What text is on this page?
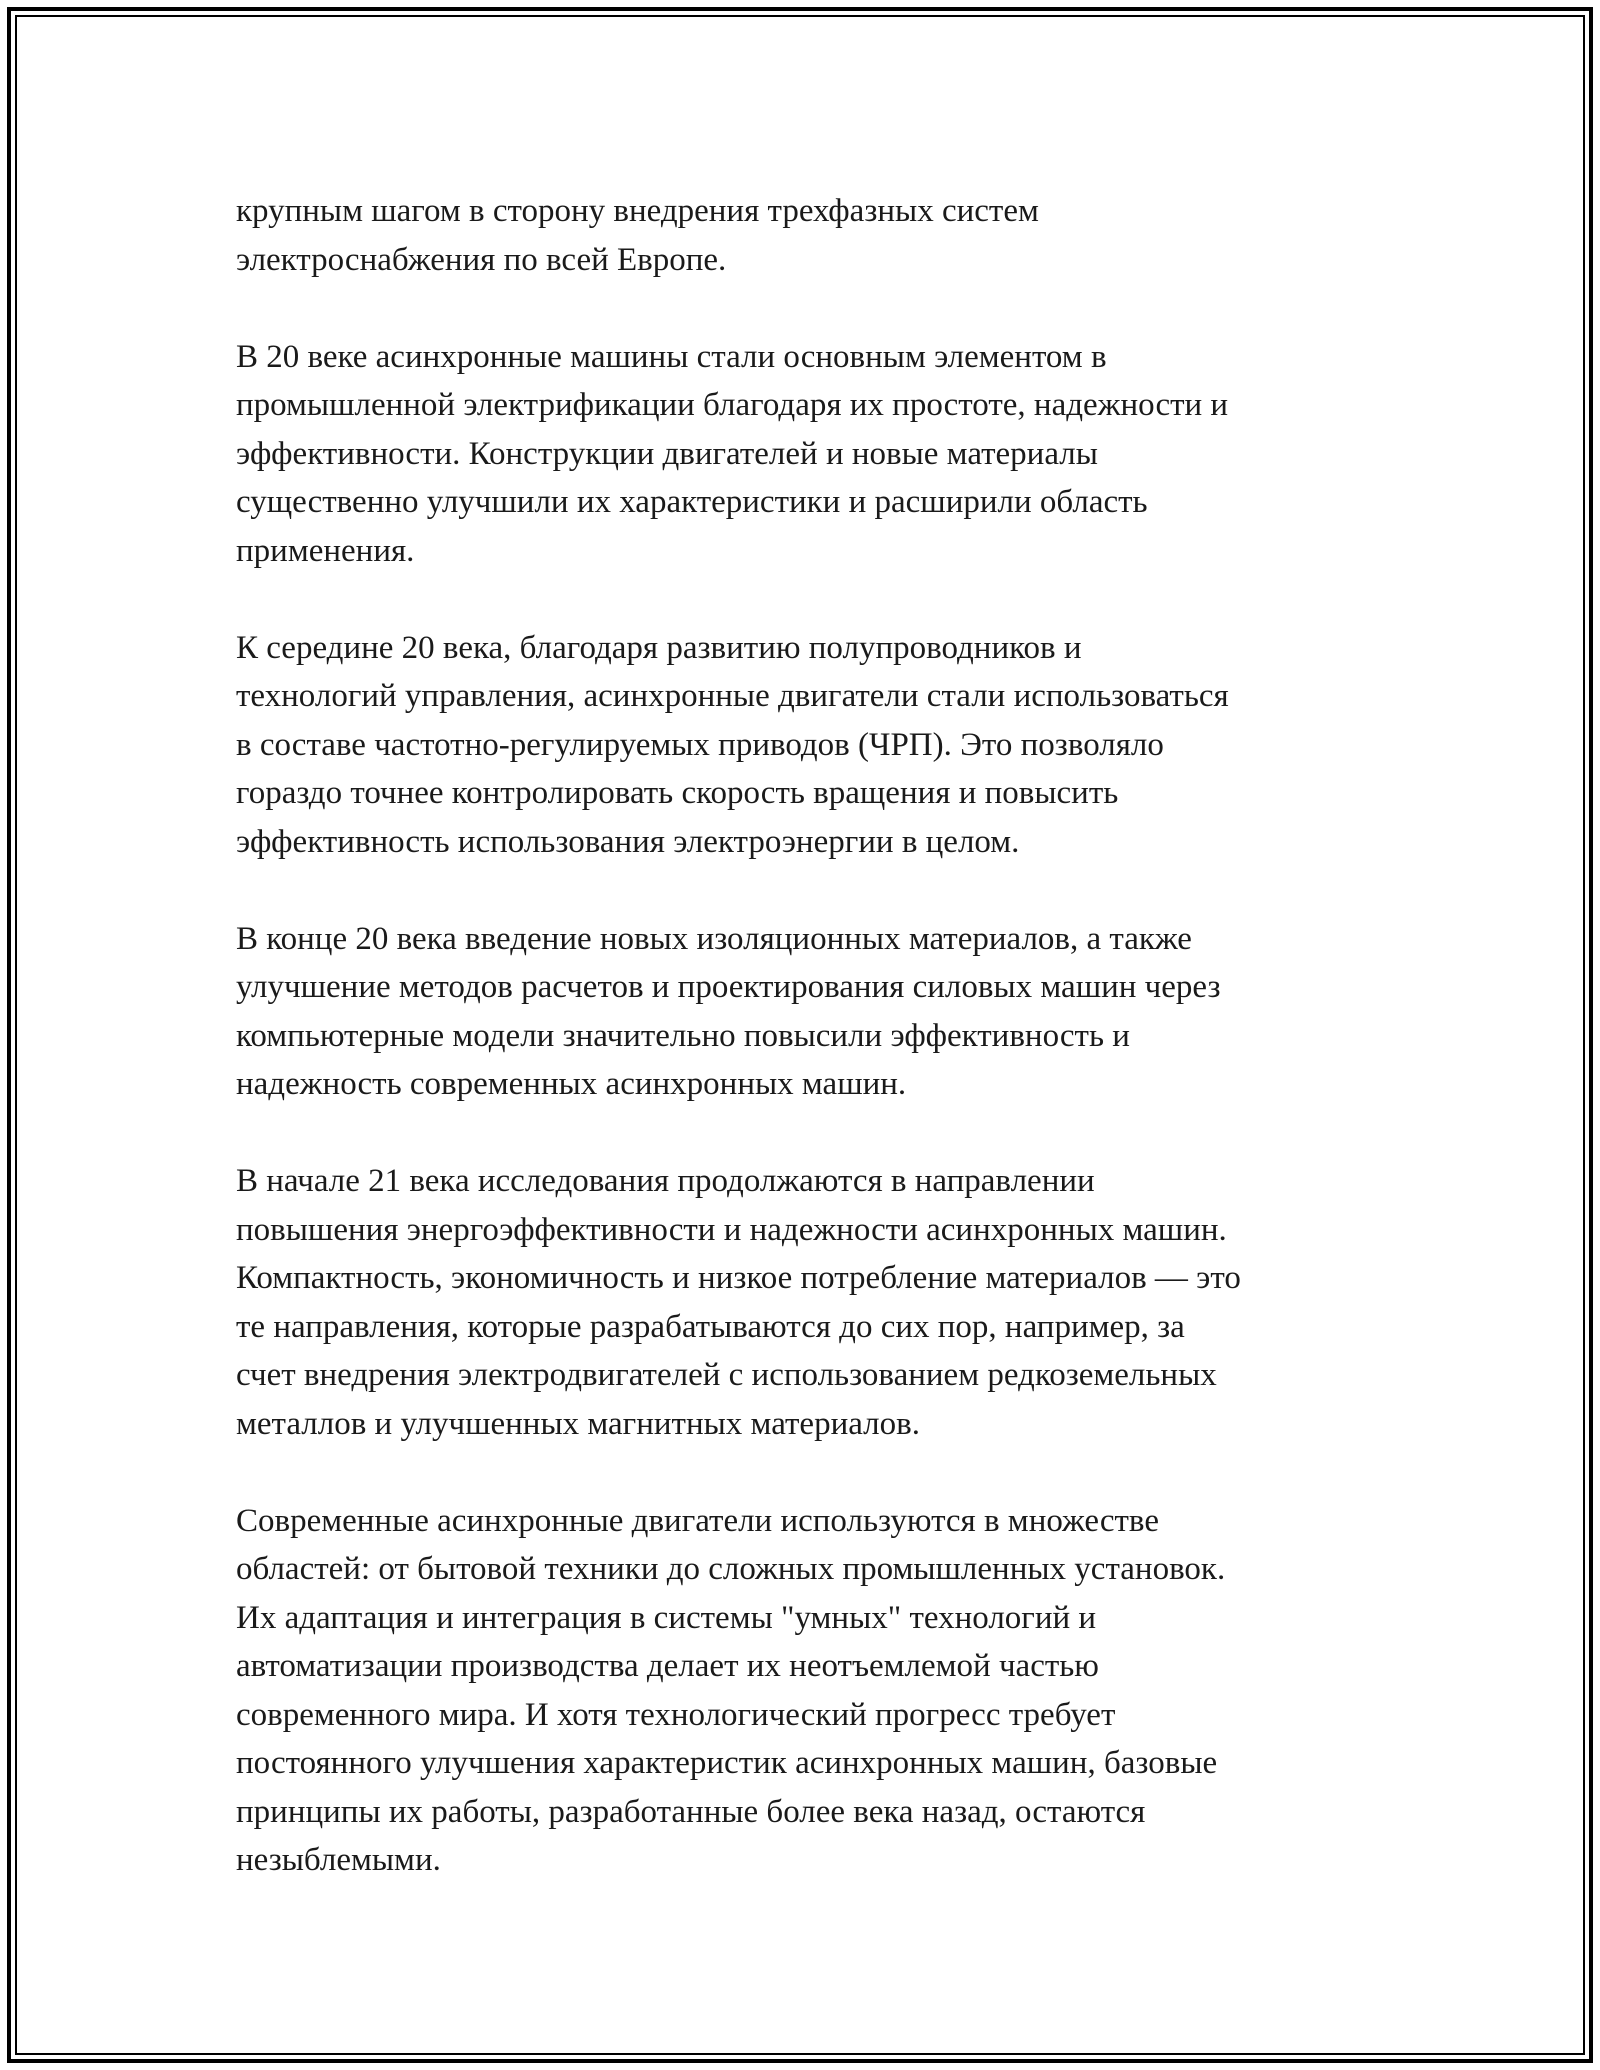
крупным шагом в сторону внедрения трехфазных систем
электроснабжения по всей Европе.

В 20 веке асинхронные машины стали основным элементом в
промышленной электрификации благодаря их простоте, надежности и
эффективности. Конструкции двигателей и новые материалы
существенно улучшили их характеристики и расширили область
применения.

К середине 20 века, благодаря развитию полупроводников и
технологий управления, асинхронные двигатели стали использоваться
в составе частотно-регулируемых приводов (ЧРП). Это позволяло
гораздо точнее контролировать скорость вращения и повысить
эффективность использования электроэнергии в целом.

В конце 20 века введение новых изоляционных материалов, а также
улучшение методов расчетов и проектирования силовых машин через
компьютерные модели значительно повысили эффективность и
надежность современных асинхронных машин.

В начале 21 века исследования продолжаются в направлении
повышения энергоэффективности и надежности асинхронных машин.
Компактность, экономичность и низкое потребление материалов — это
те направления, которые разрабатываются до сих пор, например, за
счет внедрения электродвигателей с использованием редкоземельных
металлов и улучшенных магнитных материалов.

Современные асинхронные двигатели используются в множестве
областей: от бытовой техники до сложных промышленных установок.
Их адаптация и интеграция в системы "умных" технологий и
автоматизации производства делает их неотъемлемой частью
современного мира. И хотя технологический прогресс требует
постоянного улучшения характеристик асинхронных машин, базовые
принципы их работы, разработанные более века назад, остаются
незыблемыми.
